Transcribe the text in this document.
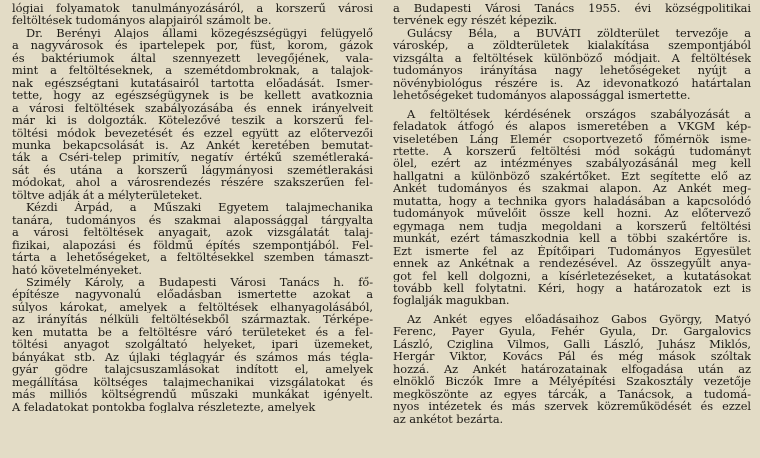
lógiai folyamatok tanulmányozásáról, a korszerű városi
feltöltések tudományos alapjairól számolt be.
Dr. Berényi Alajos állami közegészségügyi felügyelő
a nagyvárosok és ipartelepek por, füst, korom, gázok
és baktériumok által szennyezett levegőjének, vala-
mint a feltöltéseknek, a szemétdombroknak, a talajok-
nak egészségtani kutatásairól tartotta előadását. Ismer-
tette, hogy az egészségügynek is be kellett avatkoznia
a városi feltöltések szabályozásába és ennek irányelveit
már ki is dolgozták. Kötelezővé teszik a korszerű fel-
töltési módok bevezetését és ezzel együtt az előtervezői
munka bekapcsolását is. Az Ankét keretében bemutat-
ták a Cséri-telep primitív, negatív értékű szemétleraká-
sát és utána a korszerű lágymányosi szemétlerakási
módokat, ahol a városrendezés részére szakszerűen fel-
töltve adják át a mélyterületeket.
Kézdi Árpád, a Műszaki Egyetem talajmechanika
tanára, tudományos és szakmai alapossággal tárgyalta
a városi feltöltések anyagait, azok vizsgálatát talaj-
fizikai, alapozási és földmű építés szempontjából. Fel-
tárta a lehetőségeket, a feltöltésekkel szemben támaszt-
ható követelményeket.
Szimély Károly, a Budapesti Városi Tanács h. fő-
építésze nagyvonalú előadásban ismertette azokat a
súlyos károkat, amelyek a feltöltések elhanyagolásából,
az irányítás nélküli feltöltésekből származtak. Térképe-
ken mutatta be a feltöltésre váró területeket és a fel-
töltési anyagot szolgáltató helyeket, ipari üzemeket,
bányákat stb. Az újlaki téglagyár és számos más tégla-
gyár gödre talajcsuszamlásokat indított el, amelyek
megállítása költséges talajmechanikai vizsgálatokat és
más milliós költségrendű műszaki munkákat igényelt.
A feladatokat pontokba foglalva részletezte, amelyek
a Budapesti Városi Tanács 1955. évi községpolitikai
tervének egy részét képezik.
Gulácsy Béla, a BUVÁTI zöldterület tervezője a
városkép, a zöldterületek kialakítása szempontjából
vizsgálta a feltöltések különböző módjait. A feltöltések
tudományos irányítása nagy lehetőségeket nyújt a
növénybiológus részére is. Az idevonatkozó határtalan
lehetőségeket tudományos alapossággal ismertette.
A feltöltések kérdésének országos szabályozását a
feladatok átfogó és alapos ismeretében a VKGM kép-
viseletében Láng Elemér csoportvezető főmérnök isme-
rtette. A korszerű feltöltési mód sokágú tudományt
ölel, ezért az intézményes szabályozásánál meg kell
hallgatni a különböző szakértőket. Ezt segítette elő az
Ankét tudományos és szakmai alapon. Az Ankét meg-
mutatta, hogy a technika gyors haladásában a kapcsolódó
tudományok művelőit össze kell hozni. Az előtervező
egymaga nem tudja megoldani a korszerű feltöltési
munkát, ezért támaszkodnia kell a többi szakértőre is.
Ezt ismerte fel az Építőipari Tudományos Egyesület
ennek az Ankétnak a rendezésével. Az összegyűlt anya-
got fel kell dolgozni, a kísérletezéseket, a kutatásokat
tovább kell folytatni. Kéri, hogy a határozatok ezt is
foglalják magukban.
Az Ankét egyes előadásaihoz Gabos György, Matyó
Ferenc, Payer Gyula, Fehér Gyula, Dr. Gargalovics
László, Cziglina Vilmos, Galli László, Juhász Miklós,
Hergár Viktor, Kovács Pál és még mások szóltak
hozzá. Az Ankét határozatainak elfogadása után az
elnöklő Biczók Imre a Mélyépítési Szakosztály vezetője
megköszönte az egyes tárcák, a Tanácsok, a tudomá-
nyos intézetek és más szervek közreműködését és ezzel
az ankétot bezárta.
